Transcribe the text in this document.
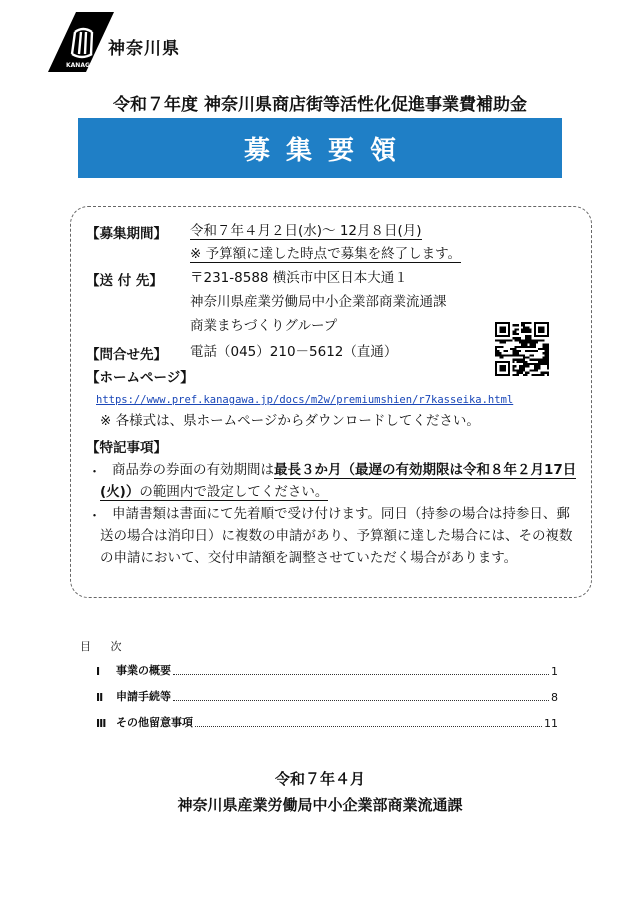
KANAGAWA
神奈川県
令和７年度 神奈川県商店街等活性化促進事業費補助金
募集要領
【募集期間】 令和７年４月２日(水)～ 12月８日(月)
※ 予算額に達した時点で募集を終了します。
【送 付 先】 〒231-8588 横浜市中区日本大通１
神奈川県産業労働局中小企業部商業流通課
商業まちづくりグループ
【問合せ先】 電話（045）210－5612（直通）
【ホームページ】
https://www.pref.kanagawa.jp/docs/m2w/premiumshien/r7kasseika.html
※ 各様式は、県ホームページからダウンロードしてください。
【特記事項】
・ 商品券の券面の有効期間は最長３か月（最遅の有効期限は令和８年２月17日(火)）の範囲内で設定してください。
・ 申請書類は書面にて先着順で受け付けます。同日（持参の場合は持参日、郵送の場合は消印日）に複数の申請があり、予算額に達した場合には、その複数の申請において、交付申請額を調整させていただく場合があります。
目 次
Ⅰ	事業の概要	1
Ⅱ	申請手続等	8
Ⅲ その他留意事項	11
令和７年４月
神奈川県産業労働局中小企業部商業流通課
